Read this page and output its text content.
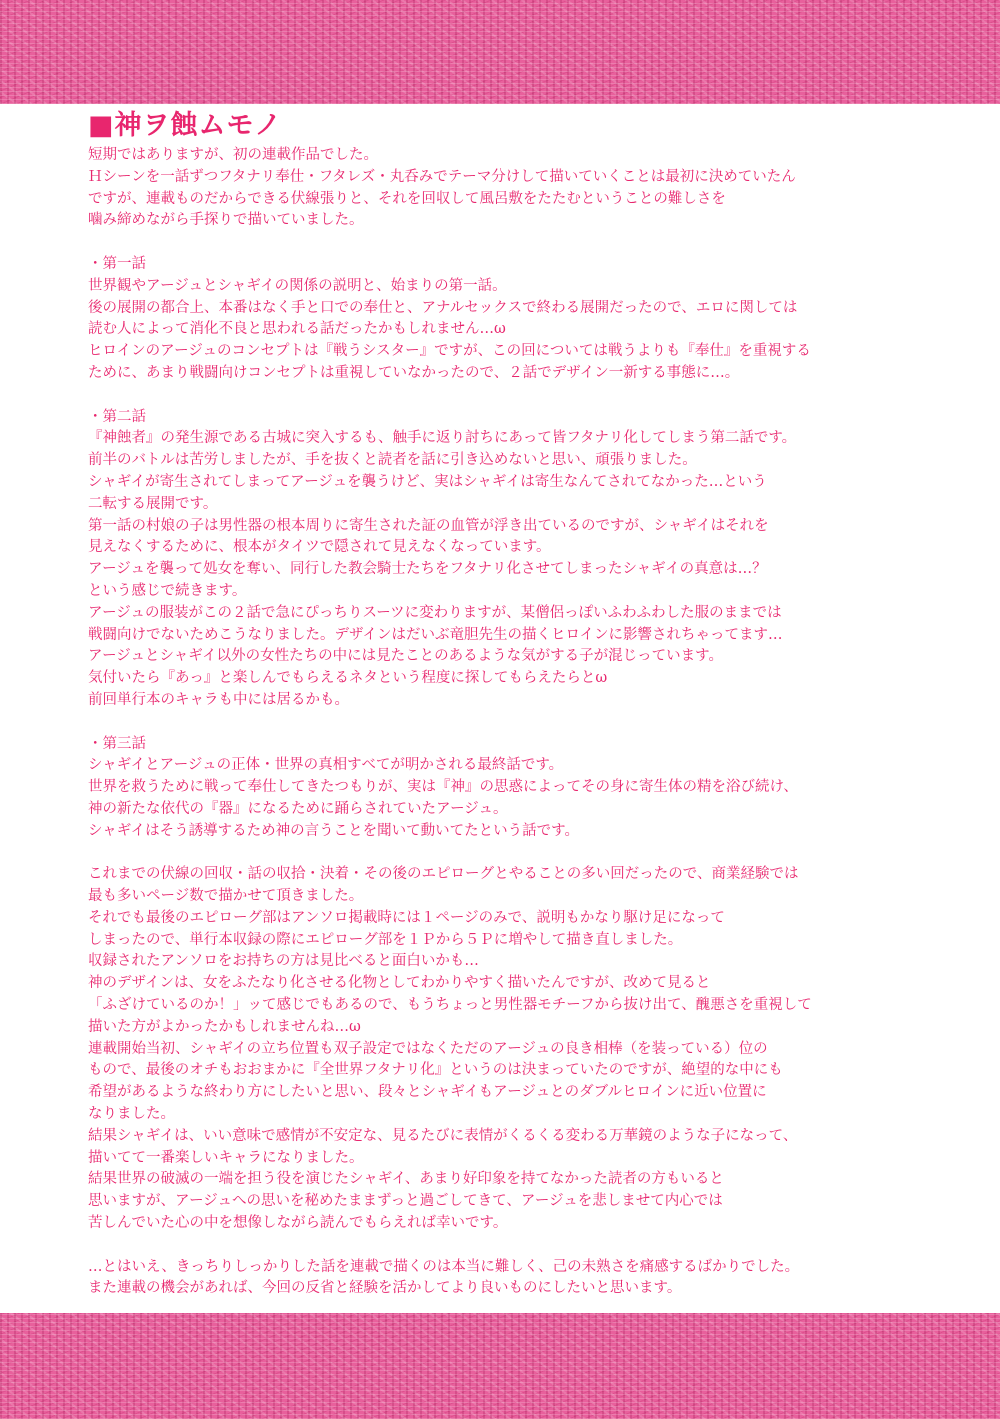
■神ヲ蝕ムモノ
短期ではありますが、初の連載作品でした。
Ｈシーンを一話ずつフタナリ奉仕・フタレズ・丸呑みでテーマ分けして描いていくことは最初に決めていたん
ですが、連載ものだからできる伏線張りと、それを回収して風呂敷をたたむということの難しさを
噛み締めながら手探りで描いていました。
・第一話
世界観やアージュとシャギイの関係の説明と、始まりの第一話。
後の展開の都合上、本番はなく手と口での奉仕と、アナルセックスで終わる展開だったので、エロに関しては
読む人によって消化不良と思われる話だったかもしれません…ω
ヒロインのアージュのコンセプトは『戦うシスター』ですが、この回については戦うよりも『奉仕』を重視する
ために、あまり戦闘向けコンセプトは重視していなかったので、２話でデザイン一新する事態に…。
・第二話
『神蝕者』の発生源である古城に突入するも、触手に返り討ちにあって皆フタナリ化してしまう第二話です。
前半のバトルは苦労しましたが、手を抜くと読者を話に引き込めないと思い、頑張りました。
シャギイが寄生されてしまってアージュを襲うけど、実はシャギイは寄生なんてされてなかった…という
二転する展開です。
第一話の村娘の子は男性器の根本周りに寄生された証の血管が浮き出ているのですが、シャギイはそれを
見えなくするために、根本がタイツで隠されて見えなくなっています。
アージュを襲って処女を奪い、同行した教会騎士たちをフタナリ化させてしまったシャギイの真意は…？
という感じで続きます。
アージュの服装がこの２話で急にぴっちりスーツに変わりますが、某僧侶っぽいふわふわした服のままでは
戦闘向けでないためこうなりました。デザインはだいぶ竜胆先生の描くヒロインに影響されちゃってます…
アージュとシャギイ以外の女性たちの中には見たことのあるような気がする子が混じっています。
気付いたら『あっ』と楽しんでもらえるネタという程度に探してもらえたらとω
前回単行本のキャラも中には居るかも。
・第三話
シャギイとアージュの正体・世界の真相すべてが明かされる最終話です。
世界を救うために戦って奉仕してきたつもりが、実は『神』の思惑によってその身に寄生体の精を浴び続け、
神の新たな依代の『器』になるために踊らされていたアージュ。
シャギイはそう誘導するため神の言うことを聞いて動いてたという話です。
これまでの伏線の回収・話の収拾・決着・その後のエピローグとやることの多い回だったので、商業経験では
最も多いページ数で描かせて頂きました。
それでも最後のエピローグ部はアンソロ掲載時には１ページのみで、説明もかなり駆け足になって
しまったので、単行本収録の際にエピローグ部を１Ｐから５Ｐに増やして描き直しました。
収録されたアンソロをお持ちの方は見比べると面白いかも…
神のデザインは、女をふたなり化させる化物としてわかりやすく描いたんですが、改めて見ると
「ふざけているのか！」ッて感じでもあるので、もうちょっと男性器モチーフから抜け出て、醜悪さを重視して
描いた方がよかったかもしれませんね…ω
連載開始当初、シャギイの立ち位置も双子設定ではなくただのアージュの良き相棒（を装っている）位の
もので、最後のオチもおおまかに『全世界フタナリ化』というのは決まっていたのですが、絶望的な中にも
希望があるような終わり方にしたいと思い、段々とシャギイもアージュとのダブルヒロインに近い位置に
なりました。
結果シャギイは、いい意味で感情が不安定な、見るたびに表情がくるくる変わる万華鏡のような子になって、
描いてて一番楽しいキャラになりました。
結果世界の破滅の一端を担う役を演じたシャギイ、あまり好印象を持てなかった読者の方もいると
思いますが、アージュへの思いを秘めたままずっと過ごしてきて、アージュを悲しませて内心では
苦しんでいた心の中を想像しながら読んでもらえれば幸いです。
…とはいえ、きっちりしっかりした話を連載で描くのは本当に難しく、己の未熟さを痛感するばかりでした。
また連載の機会があれば、今回の反省と経験を活かしてより良いものにしたいと思います。
